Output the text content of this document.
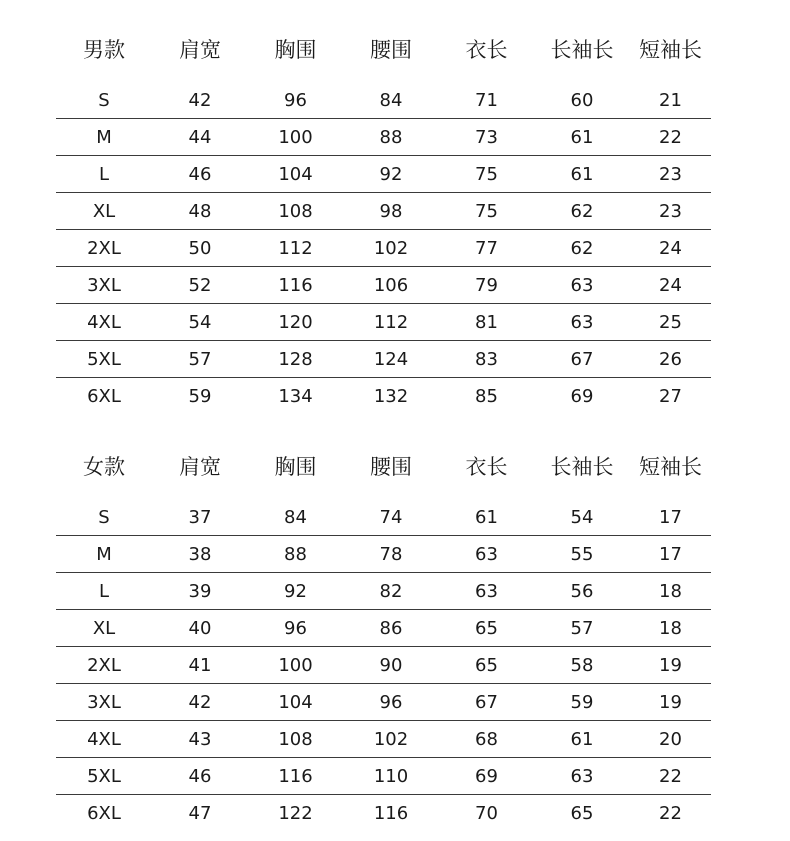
男款	肩宽	胸围	腰围	衣长	长袖长	短袖长
S	42	96	84	71	60	21
M	44	100	88	73	61	22
L	46	104	92	75	61	23
XL	48	108	98	75	62	23
2XL	50	112	102	77	62	24
3XL	52	116	106	79	63	24
4XL	54	120	112	81	63	25
5XL	57	128	124	83	67	26
6XL	59	134	132	85	69	27
女款	肩宽	胸围	腰围	衣长	长袖长	短袖长
S	37	84	74	61	54	17
M	38	88	78	63	55	17
L	39	92	82	63	56	18
XL	40	96	86	65	57	18
2XL	41	100	90	65	58	19
3XL	42	104	96	67	59	19
4XL	43	108	102	68	61	20
5XL	46	116	110	69	63	22
6XL	47	122	116	70	65	22
